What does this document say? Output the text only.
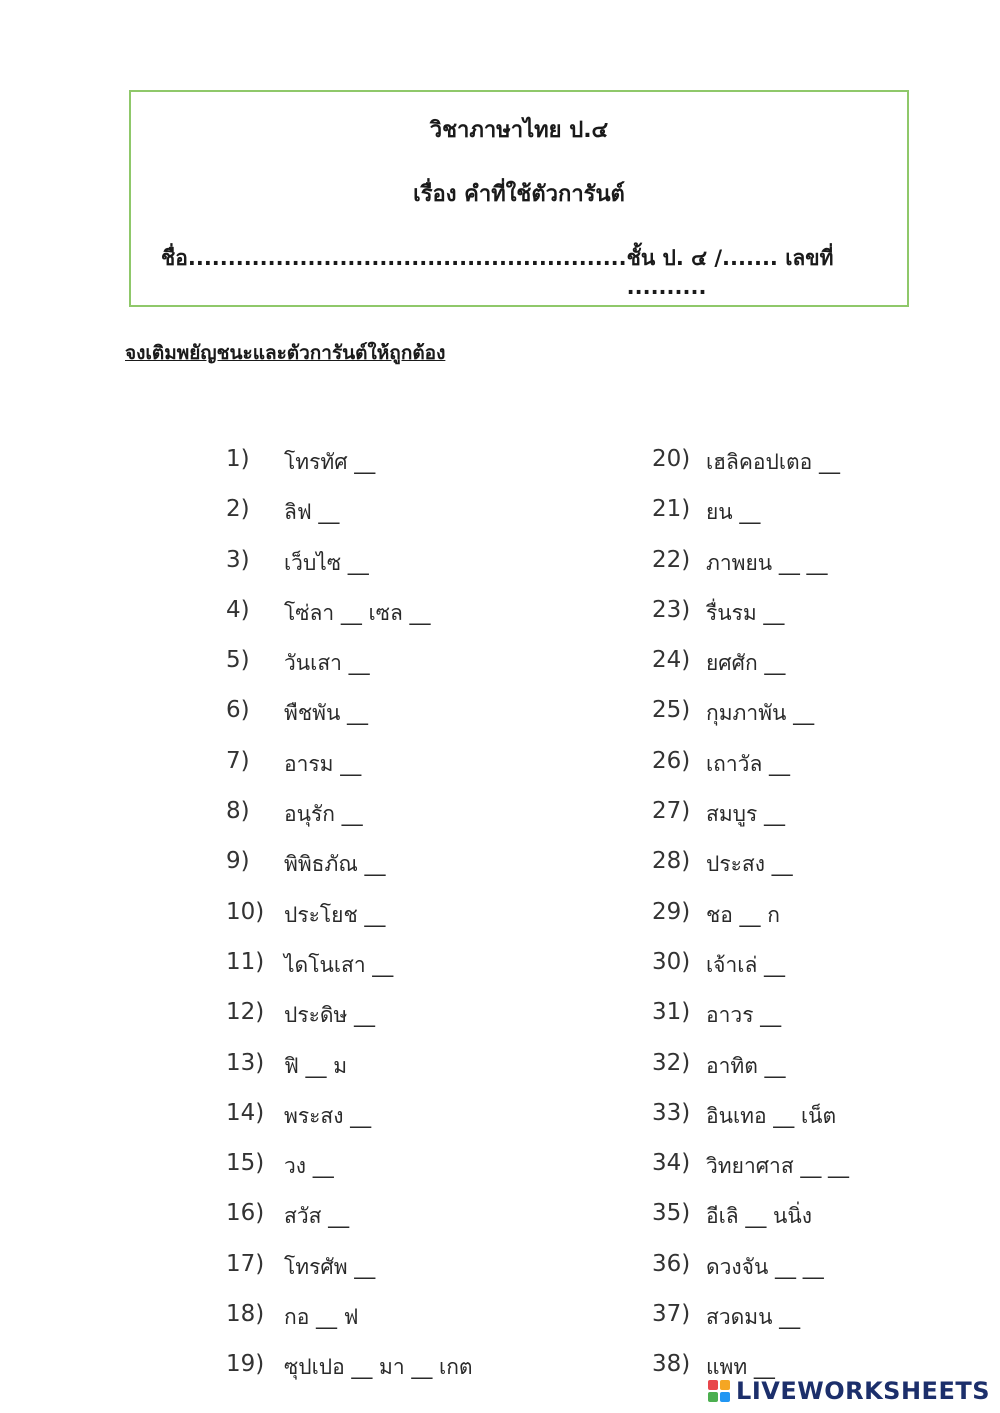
วิชาภาษาไทย ป.๔
เรื่อง คำที่ใช้ตัวการันต์
ชื่อ....................................................... ชั้น ป. ๔ /....... เลขที่ ..........
จงเติมพยัญชนะและตัวการันต์ให้ถูกต้อง
1)	โทรทัศ __
2)	ลิฟ __
3)	เว็บไซ __
4)	โซ่ลา __ เซล __
5)	วันเสา __
6)	พืชพัน __
7)	อารม __
8)	อนุรัก __
9)	พิพิธภัณ __
10) ประโยช __
11) ไดโนเสา __
12) ประดิษ __
13) ฟิ __ ม
14) พระสง __
15) วง __
16) สวัส __
17) โทรศัพ __
18) กอ __ ฟ
19) ซุปเปอ __ มา __ เกต
20) เฮลิคอปเตอ __
21) ยน __
22) ภาพยน __ __
23) รื่นรม __
24) ยศศัก __
25) กุมภาพัน __
26) เถาวัล __
27) สมบูร __
28) ประสง __
29) ชอ __ ก
30) เจ้าเล่ __
31) อาวร __
32) อาทิต __
33) อินเทอ __ เน็ต
34) วิทยาศาส __ __
35) อีเลิ __ นนิ่ง
36) ดวงจัน __ __
37) สวดมน __
38) แพท __
LIVEWORKSHEETS
